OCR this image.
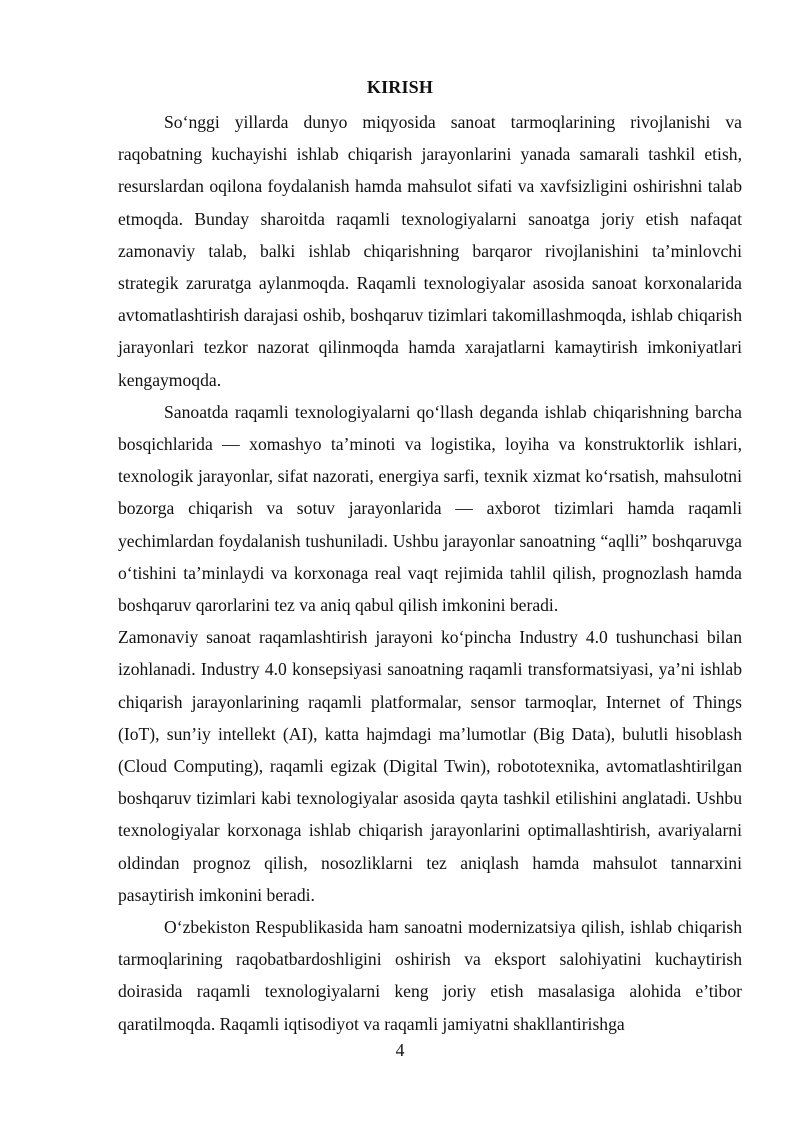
KIRISH

So‘nggi yillarda dunyo miqyosida sanoat tarmoqlarining rivojlanishi va raqobatning kuchayishi ishlab chiqarish jarayonlarini yanada samarali tashkil etish, resurslardan oqilona foydalanish hamda mahsulot sifati va xavfsizligini oshirishni talab etmoqda. Bunday sharoitda raqamli texnologiyalarni sanoatga joriy etish nafaqat zamonaviy talab, balki ishlab chiqarishning barqaror rivojlanishini ta’minlovchi strategik zaruratga aylanmoqda. Raqamli texnologiyalar asosida sanoat korxonalarida avtomatlashtirish darajasi oshib, boshqaruv tizimlari takomillashmoqda, ishlab chiqarish jarayonlari tezkor nazorat qilinmoqda hamda xarajatlarni kamaytirish imkoniyatlari kengaymoqda.

Sanoatda raqamli texnologiyalarni qo‘llash deganda ishlab chiqarishning barcha bosqichlarida — xomashyo ta’minoti va logistika, loyiha va konstruktorlik ishlari, texnologik jarayonlar, sifat nazorati, energiya sarfi, texnik xizmat ko‘rsatish, mahsulotni bozorga chiqarish va sotuv jarayonlarida — axborot tizimlari hamda raqamli yechimlardan foydalanish tushuniladi. Ushbu jarayonlar sanoatning “aqlli” boshqaruvga o‘tishini ta’minlaydi va korxonaga real vaqt rejimida tahlil qilish, prognozlash hamda boshqaruv qarorlarini tez va aniq qabul qilish imkonini beradi.

Zamonaviy sanoat raqamlashtirish jarayoni ko‘pincha Industry 4.0 tushunchasi bilan izohlanadi. Industry 4.0 konsepsiyasi sanoatning raqamli transformatsiyasi, ya’ni ishlab chiqarish jarayonlarining raqamli platformalar, sensor tarmoqlar, Internet of Things (IoT), sun’iy intellekt (AI), katta hajmdagi ma’lumotlar (Big Data), bulutli hisoblash (Cloud Computing), raqamli egizak (Digital Twin), robototexnika, avtomatlashtirilgan boshqaruv tizimlari kabi texnologiyalar asosida qayta tashkil etilishini anglatadi. Ushbu texnologiyalar korxonaga ishlab chiqarish jarayonlarini optimallashtirish, avariyalarni oldindan prognoz qilish, nosozliklarni tez aniqlash hamda mahsulot tannarxini pasaytirish imkonini beradi.

O‘zbekiston Respublikasida ham sanoatni modernizatsiya qilish, ishlab chiqarish tarmoqlarining raqobatbardoshligini oshirish va eksport salohiyatini kuchaytirish doirasida raqamli texnologiyalarni keng joriy etish masalasiga alohida e’tibor qaratilmoqda. Raqamli iqtisodiyot va raqamli jamiyatni shakllantirishga

4
